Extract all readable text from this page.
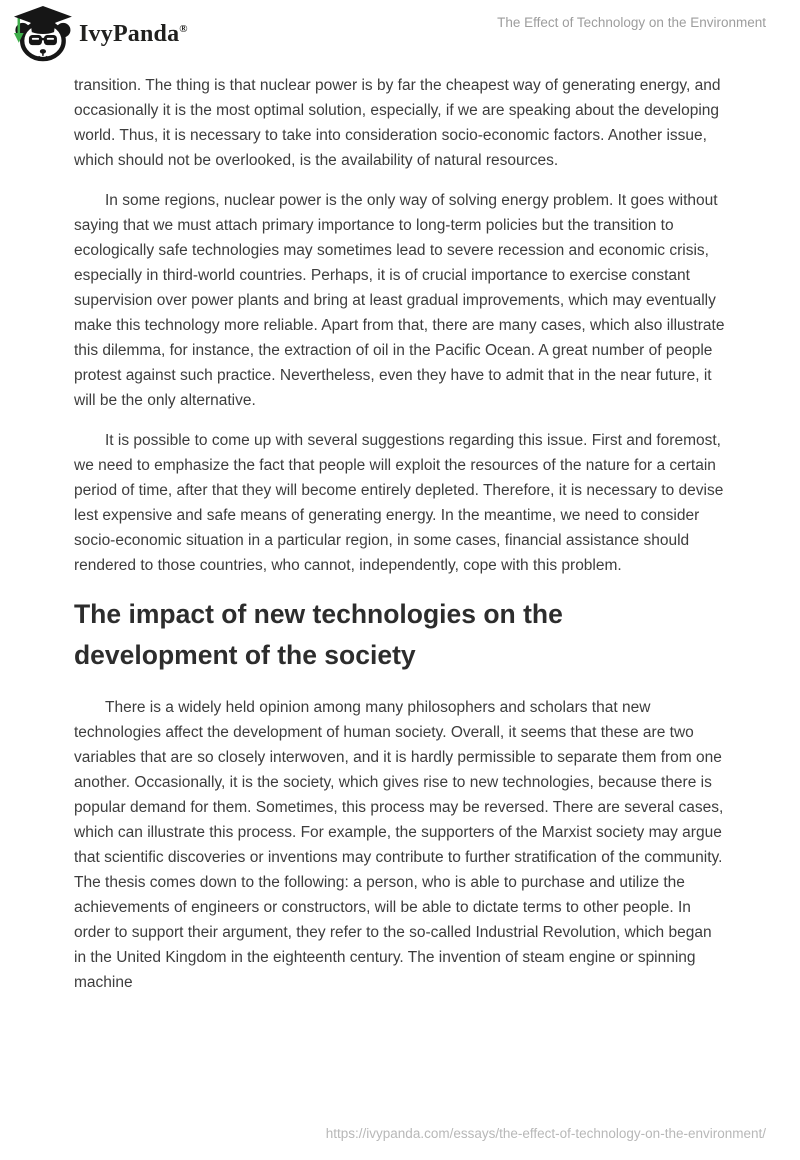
IvyPanda®	The Effect of Technology on the Environment

transition. The thing is that nuclear power is by far the cheapest way of generating energy, and occasionally it is the most optimal solution, especially, if we are speaking about the developing world. Thus, it is necessary to take into consideration socio-economic factors. Another issue, which should not be overlooked, is the availability of natural resources.

In some regions, nuclear power is the only way of solving energy problem. It goes without saying that we must attach primary importance to long-term policies but the transition to ecologically safe technologies may sometimes lead to severe recession and economic crisis, especially in third-world countries. Perhaps, it is of crucial importance to exercise constant supervision over power plants and bring at least gradual improvements, which may eventually make this technology more reliable. Apart from that, there are many cases, which also illustrate this dilemma, for instance, the extraction of oil in the Pacific Ocean. A great number of people protest against such practice. Nevertheless, even they have to admit that in the near future, it will be the only alternative.

It is possible to come up with several suggestions regarding this issue. First and foremost, we need to emphasize the fact that people will exploit the resources of the nature for a certain period of time, after that they will become entirely depleted. Therefore, it is necessary to devise lest expensive and safe means of generating energy. In the meantime, we need to consider socio-economic situation in a particular region, in some cases, financial assistance should rendered to those countries, who cannot, independently, cope with this problem.

The impact of new technologies on the development of the society

There is a widely held opinion among many philosophers and scholars that new technologies affect the development of human society. Overall, it seems that these are two variables that are so closely interwoven, and it is hardly permissible to separate them from one another. Occasionally, it is the society, which gives rise to new technologies, because there is popular demand for them. Sometimes, this process may be reversed. There are several cases, which can illustrate this process. For example, the supporters of the Marxist society may argue that scientific discoveries or inventions may contribute to further stratification of the community. The thesis comes down to the following: a person, who is able to purchase and utilize the achievements of engineers or constructors, will be able to dictate terms to other people. In order to support their argument, they refer to the so-called Industrial Revolution, which began in the United Kingdom in the eighteenth century. The invention of steam engine or spinning machine

https://ivypanda.com/essays/the-effect-of-technology-on-the-environment/
